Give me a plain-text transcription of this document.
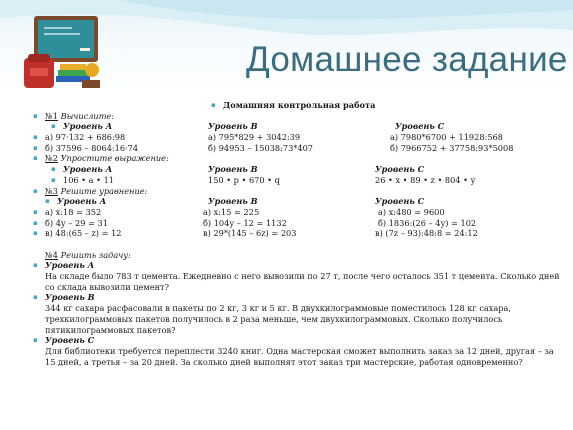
Домашнее задание
▪ Домашняя контрольная работа
▪ №1 Вычислите:
▪ Уровень А	Уровень В	Уровень С
▪ а) 97·132 + 686:98	а) 795*829 + 3042:39	а) 7980*6700 + 11928:568
▪ б) 37596 – 8064:16·74	б) 94953 – 15038:73*407	б) 7966752 + 37758:93*5008
▪ №2 Упростите выражение:
▪ Уровень А	Уровень В	Уровень С
▪ 106 • а • 11	150 • р • 670 • q	26 • х • 89 • z • 804 • у
▪ №3 Решите уравнение:
▪ Уровень А	Уровень В	Уровень С
▪ а) х:18 = 352	а) х:15 = 225	а) х:480 = 9600
▪ б) 4у – 29 = 31	б) 104у – 12 = 1132	б) 1836:(26 – 4у) = 102
▪ в) 48:(65 – z) = 12	в) 29*(145 – 6z) = 203	в) (7z – 93):48:8 = 24:12
№4 Решить задачу:
▪ Уровень А
На складе было 783 т цемента. Ежедневно с него вывозили по 27 т, после чего осталось 351 т цемента. Сколько дней со склада вывозили цемент?
▪ Уровень В
344 кг сахара расфасовали в пакеты по 2 кг, 3 кг и 5 кг. В двухкилограммовые поместилось 128 кг сахара, трехкилограммовых пакетов получилось в 2 раза меньше, чем двухкилограммовых. Сколько получилось пятикилограммовых пакетов?
▪ Уровень С
Для библиотеки требуется переплести 3240 книг. Одна мастерская сможет выполнить заказ за 12 дней, другая – за 15 дней, а третья – за 20 дней. За сколько дней выполнят этот заказ три мастерские, работая одновременно?
